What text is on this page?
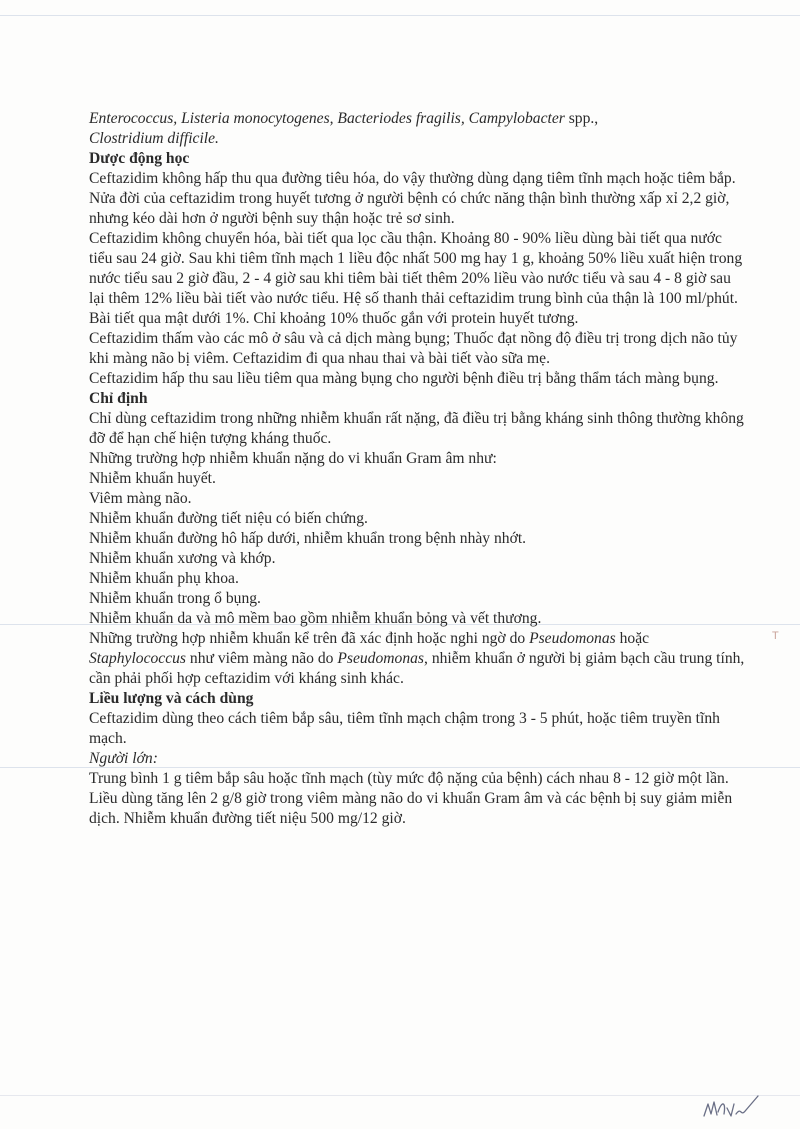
T

Enterococcus, Listeria monocytogenes, Bacteriodes fragilis, Campylobacter spp.,
Clostridium difficile.

Dược động học

Ceftazidim không hấp thu qua đường tiêu hóa, do vậy thường dùng dạng tiêm tĩnh mạch hoặc tiêm bắp.

Nửa đời của ceftazidim trong huyết tương ở người bệnh có chức năng thận bình thường xấp xỉ 2,2 giờ, nhưng kéo dài hơn ở người bệnh suy thận hoặc trẻ sơ sinh.

Ceftazidim không chuyển hóa, bài tiết qua lọc cầu thận. Khoảng 80 - 90% liều dùng bài tiết qua nước tiểu sau 24 giờ. Sau khi tiêm tĩnh mạch 1 liều độc nhất 500 mg hay 1 g, khoảng 50% liều xuất hiện trong nước tiểu sau 2 giờ đầu, 2 - 4 giờ sau khi tiêm bài tiết thêm 20% liều vào nước tiểu và sau 4 - 8 giờ sau lại thêm 12% liều bài tiết vào nước tiểu. Hệ số thanh thải ceftazidim trung bình của thận là 100 ml/phút. Bài tiết qua mật dưới 1%. Chỉ khoảng 10% thuốc gắn với protein huyết tương.

Ceftazidim thấm vào các mô ở sâu và cả dịch màng bụng; Thuốc đạt nồng độ điều trị trong dịch não tủy khi màng não bị viêm. Ceftazidim đi qua nhau thai và bài tiết vào sữa mẹ.

Ceftazidim hấp thu sau liều tiêm qua màng bụng cho người bệnh điều trị bằng thẩm tách màng bụng.

Chỉ định

Chỉ dùng ceftazidim trong những nhiễm khuẩn rất nặng, đã điều trị bằng kháng sinh thông thường không đỡ để hạn chế hiện tượng kháng thuốc.

Những trường hợp nhiễm khuẩn nặng do vi khuẩn Gram âm như:

Nhiễm khuẩn huyết.

Viêm màng não.

Nhiễm khuẩn đường tiết niệu có biến chứng.

Nhiễm khuẩn đường hô hấp dưới, nhiễm khuẩn trong bệnh nhày nhớt.

Nhiễm khuẩn xương và khớp.

Nhiễm khuẩn phụ khoa.

Nhiễm khuẩn trong ổ bụng.

Nhiễm khuẩn da và mô mềm bao gồm nhiễm khuẩn bỏng và vết thương.

Những trường hợp nhiễm khuẩn kể trên đã xác định hoặc nghi ngờ do Pseudomonas hoặc Staphylococcus như viêm màng não do Pseudomonas, nhiễm khuẩn ở người bị giảm bạch cầu trung tính, cần phải phối hợp ceftazidim với kháng sinh khác.

Liều lượng và cách dùng

Ceftazidim dùng theo cách tiêm bắp sâu, tiêm tĩnh mạch chậm trong 3 - 5 phút, hoặc tiêm truyền tĩnh mạch.

Người lớn:

Trung bình 1 g tiêm bắp sâu hoặc tĩnh mạch (tùy mức độ nặng của bệnh) cách nhau 8 - 12 giờ một lần. Liều dùng tăng lên 2 g/8 giờ trong viêm màng não do vi khuẩn Gram âm và các bệnh bị suy giảm miễn dịch. Nhiễm khuẩn đường tiết niệu 500 mg/12 giờ.
